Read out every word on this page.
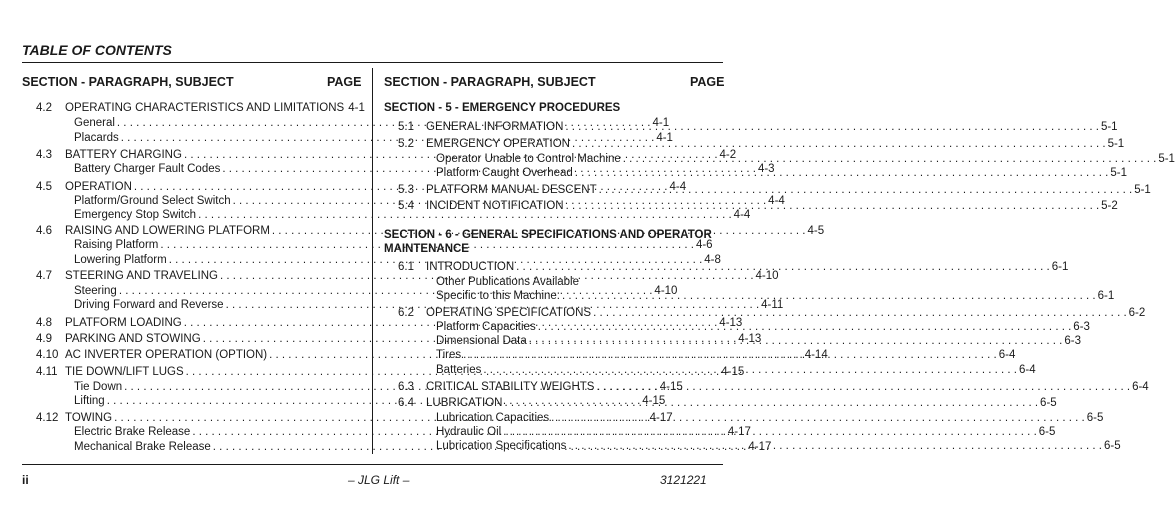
TABLE OF CONTENTS
SECTION - PARAGRAPH, SUBJECT	PAGE SECTION - PARAGRAPH, SUBJECT	PAGE
4.2	OPERATING CHARACTERISTICS AND LIMITATIONS 4-1
General . . .	4-1
Placards . . .	4-1
4.3	BATTERY CHARGING . . .	4-2
Battery Charger Fault Codes . . .	4-3
4.5	OPERATION . . .	4-4
Platform/Ground Select Switch . . .	4-4
Emergency Stop Switch . . .	4-4
4.6	RAISING AND LOWERING PLATFORM . . .	4-5
Raising Platform . . .	4-6
Lowering Platform . . .	4-8
4.7	STEERING AND TRAVELING . . .	4-10
Steering . . .	4-10
Driving Forward and Reverse . . .	4-11
4.8	PLATFORM LOADING . . .	4-13
4.9	PARKING AND STOWING . . .	4-13
4.10 AC INVERTER OPERATION (OPTION) . . .	4-14
4.11 TIE DOWN/LIFT LUGS . . .	4-15
Tie Down . . .	4-15
Lifting . . .	4-15
4.12 TOWING . . .	4-17
Electric Brake Release . . .	4-17
Mechanical Brake Release . . .	4-17
SECTION - 5 - EMERGENCY PROCEDURES
5.1	GENERAL INFORMATION . . .	5-1
5.2	EMERGENCY OPERATION . . .	5-1
Operator Unable to Control Machine . . .	5-1
Platform Caught Overhead . . .	5-1
5.3	PLATFORM MANUAL DESCENT . . .	5-1
5.4	INCIDENT NOTIFICATION . . .	5-2
SECTION - 6 - GENERAL SPECIFICATIONS AND OPERATOR
MAINTENANCE
6.1	INTRODUCTION . . .	6-1
Other Publications Available
Specific to this Machine: . . .	6-1
6.2	OPERATING SPECIFICATIONS . . .	6-2
Platform Capacities . . .	6-3
Dimensional Data . . .	6-3
Tires . . .	6-4
Batteries . . .	6-4
6.3	CRITICAL STABILITY WEIGHTS . . .	6-4
6.4	LUBRICATION . . .	6-5
Lubrication Capacities . . .	6-5
Hydraulic Oil . . .	6-5
Lubrication Specifications . . .	6-5
ii	– JLG Lift –	3121221
